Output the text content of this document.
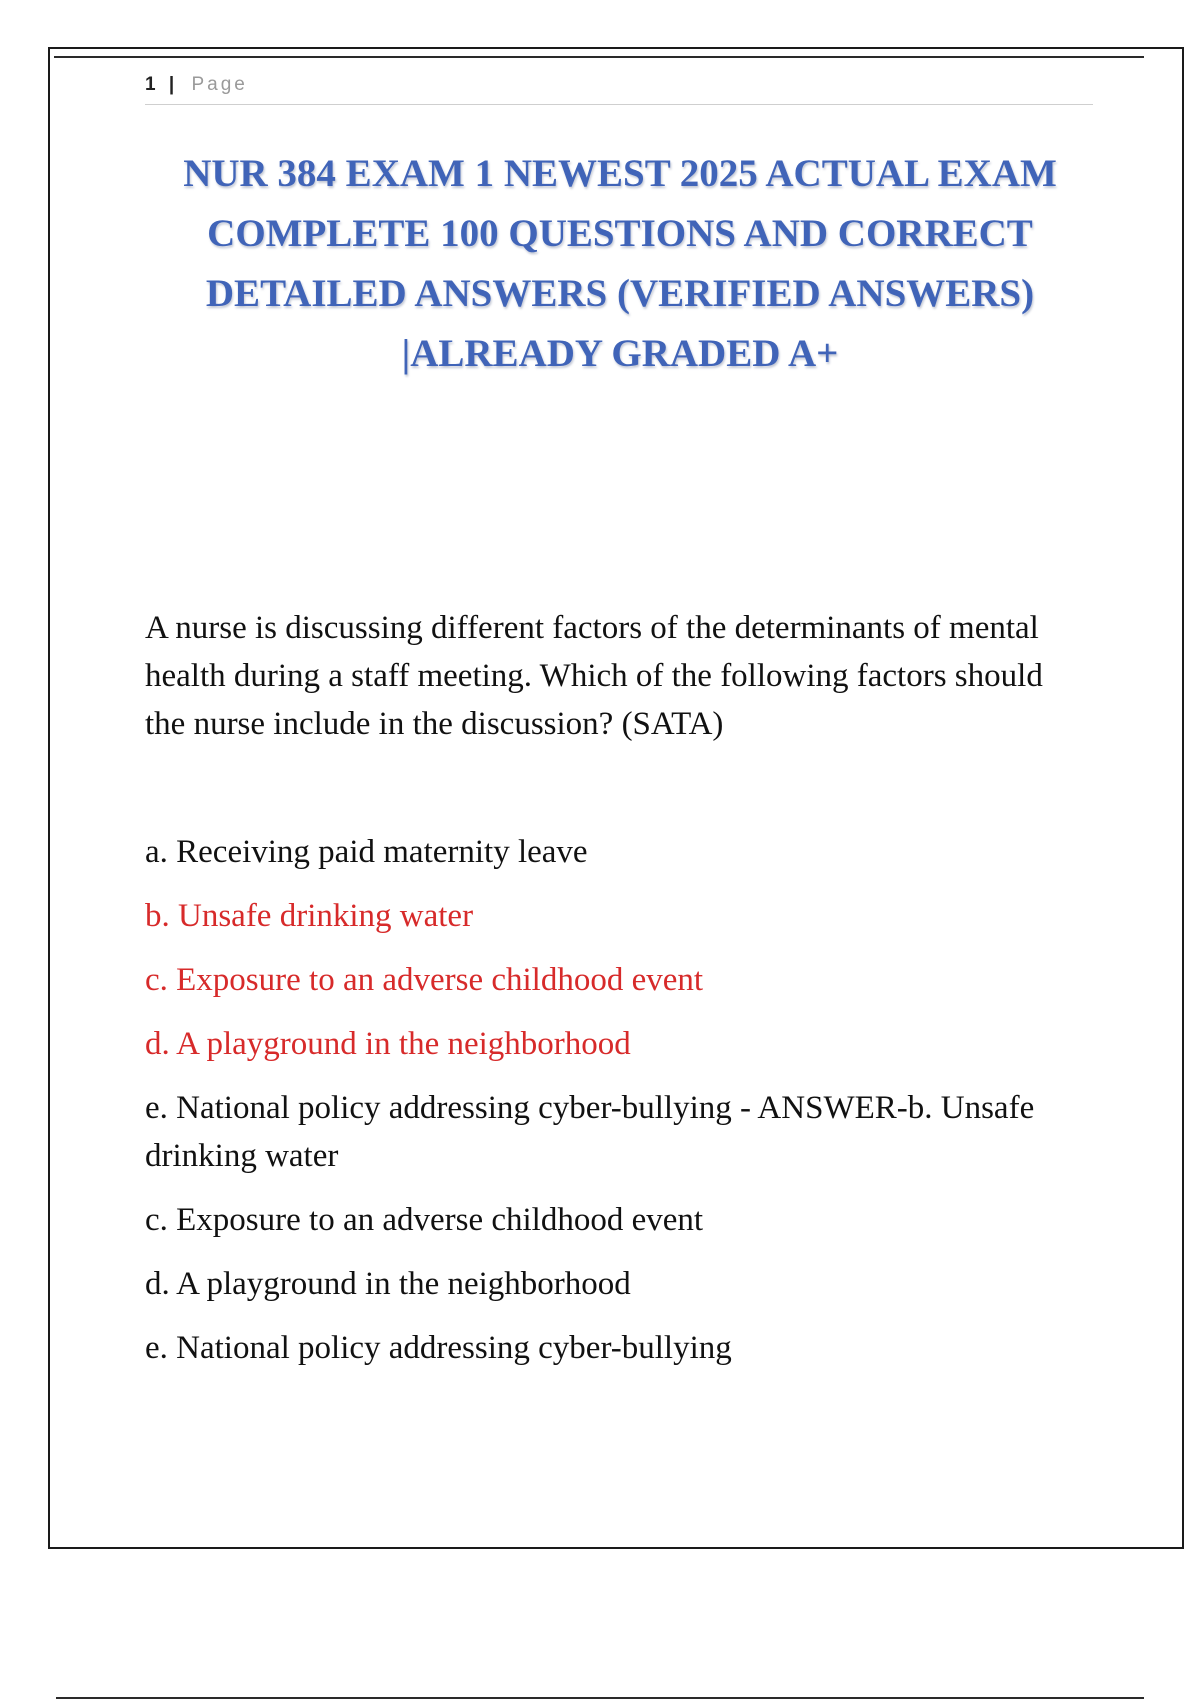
1 | Page
NUR 384 EXAM 1 NEWEST 2025 ACTUAL EXAM COMPLETE 100 QUESTIONS AND CORRECT DETAILED ANSWERS (VERIFIED ANSWERS) |ALREADY GRADED A+

A nurse is discussing different factors of the determinants of mental health during a staff meeting. Which of the following factors should the nurse include in the discussion? (SATA)

a. Receiving paid maternity leave
b. Unsafe drinking water
c. Exposure to an adverse childhood event
d. A playground in the neighborhood
e. National policy addressing cyber-bullying - ANSWER-b. Unsafe drinking water
c. Exposure to an adverse childhood event
d. A playground in the neighborhood
e. National policy addressing cyber-bullying
